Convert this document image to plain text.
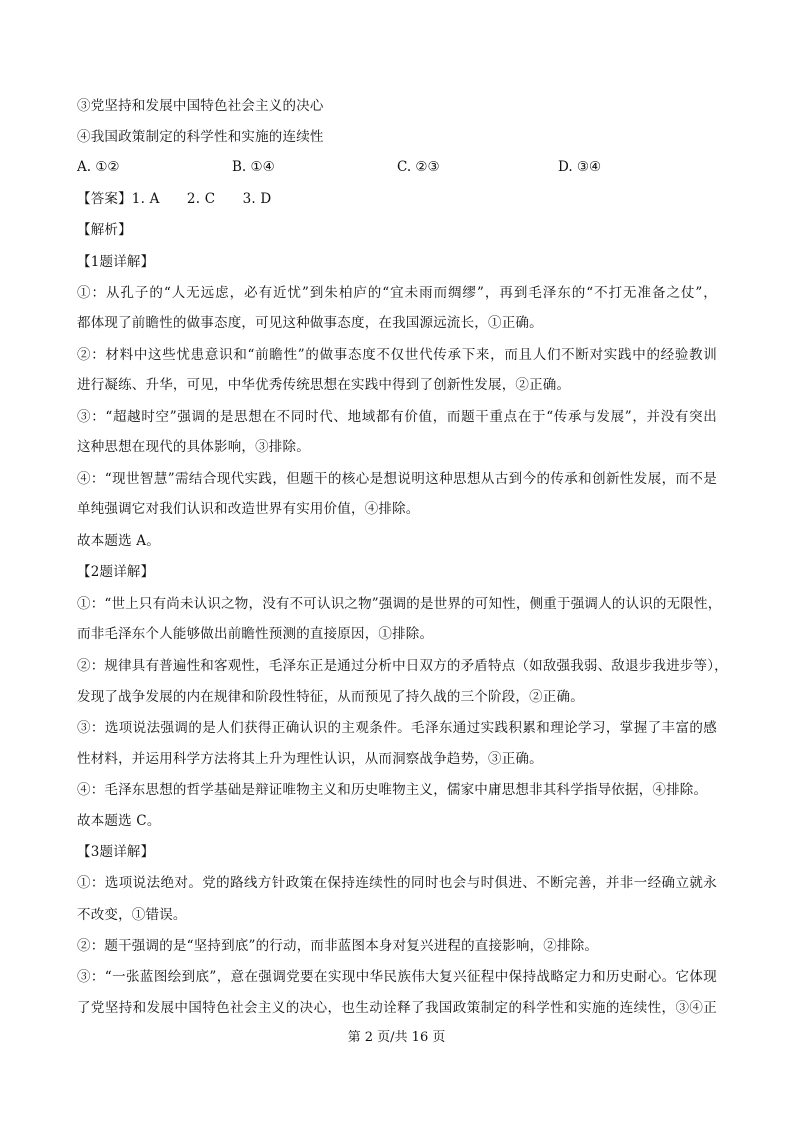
③党坚持和发展中国特色社会主义的决心
④我国政策制定的科学性和实施的连续性
A. ①②	B. ①④	C. ②③	D. ③④
【答案】1. A　　2. C　　3. D
【解析】
【1题详解】
①：从孔子的“人无远虑，必有近忧”到朱柏庐的“宜未雨而绸缪”，再到毛泽东的“不打无准备之仗”，
都体现了前瞻性的做事态度，可见这种做事态度，在我国源远流长，①正确。
②：材料中这些忧患意识和“前瞻性”的做事态度不仅世代传承下来，而且人们不断对实践中的经验教训
进行凝练、升华，可见，中华优秀传统思想在实践中得到了创新性发展，②正确。
③：“超越时空”强调的是思想在不同时代、地域都有价值，而题干重点在于“传承与发展”，并没有突出
这种思想在现代的具体影响，③排除。
④：“现世智慧”需结合现代实践，但题干的核心是想说明这种思想从古到今的传承和创新性发展，而不是
单纯强调它对我们认识和改造世界有实用价值，④排除。
故本题选 A。
【2题详解】
①：“世上只有尚未认识之物，没有不可认识之物”强调的是世界的可知性，侧重于强调人的认识的无限性，
而非毛泽东个人能够做出前瞻性预测的直接原因，①排除。
②：规律具有普遍性和客观性，毛泽东正是通过分析中日双方的矛盾特点（如敌强我弱、敌退步我进步等），
发现了战争发展的内在规律和阶段性特征，从而预见了持久战的三个阶段，②正确。
③：选项说法强调的是人们获得正确认识的主观条件。毛泽东通过实践积累和理论学习，掌握了丰富的感
性材料，并运用科学方法将其上升为理性认识，从而洞察战争趋势，③正确。
④：毛泽东思想的哲学基础是辩证唯物主义和历史唯物主义，儒家中庸思想非其科学指导依据，④排除。
故本题选 C。
【3题详解】
①：选项说法绝对。党的路线方针政策在保持连续性的同时也会与时俱进、不断完善，并非一经确立就永
不改变，①错误。
②：题干强调的是“坚持到底”的行动，而非蓝图本身对复兴进程的直接影响，②排除。
③：“一张蓝图绘到底”，意在强调党要在实现中华民族伟大复兴征程中保持战略定力和历史耐心。它体现
了党坚持和发展中国特色社会主义的决心，也生动诠释了我国政策制定的科学性和实施的连续性，③④正
第 2 页/共 16 页
